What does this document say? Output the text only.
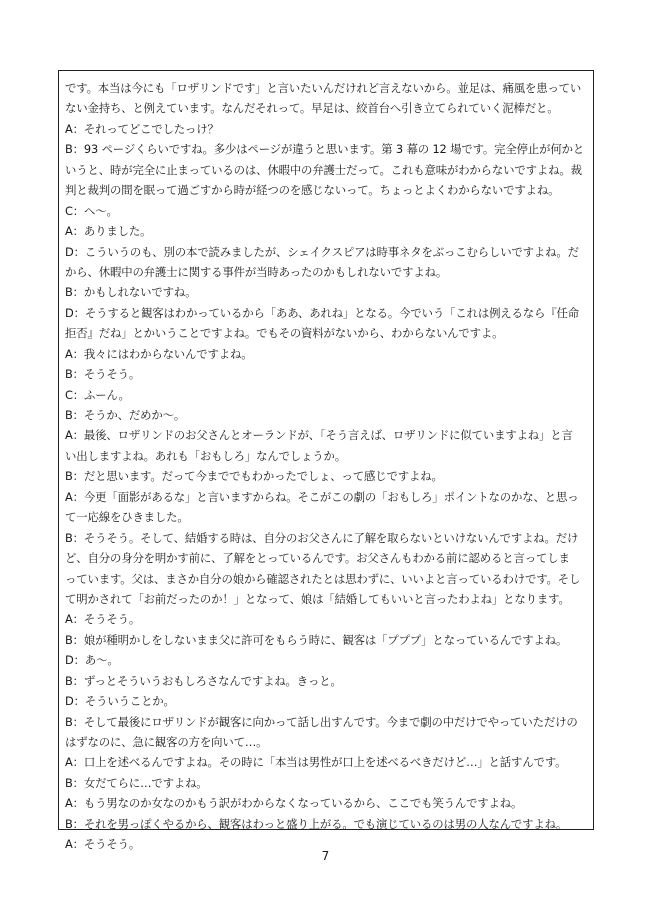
です。本当は今にも「ロザリンドです」と言いたいんだけれど言えないから。並足は、痛風を患ってい
ない金持ち、と例えています。なんだそれって。早足は、絞首台へ引き立てられていく泥棒だと。
A：それってどこでしたっけ？
B：93 ページくらいですね。多少はページが違うと思います。第 3 幕の 12 場です。完全停止が何かと
いうと、時が完全に止まっているのは、休暇中の弁護士だって。これも意味がわからないですよね。裁
判と裁判の間を眠って過ごすから時が経つのを感じないって。ちょっとよくわからないですよね。
C：へ〜。
A：ありました。
D：こういうのも、別の本で読みましたが、シェイクスピアは時事ネタをぶっこむらしいですよね。だ
から、休暇中の弁護士に関する事件が当時あったのかもしれないですよね。
B：かもしれないですね。
D：そうすると観客はわかっているから「ああ、あれね」となる。今でいう「これは例えるなら『任命
拒否』だね」とかいうことですよね。でもその資料がないから、わからないんですよ。
A：我々にはわからないんですよね。
B：そうそう。
C：ふーん。
B：そうか、だめか〜。
A：最後、ロザリンドのお父さんとオーランドが、「そう言えば、ロザリンドに似ていますよね」と言
い出しますよね。あれも「おもしろ」なんでしょうか。
B：だと思います。だって今まででもわかったでしょ、って感じですよね。
A：今更「面影があるな」と言いますからね。そこがこの劇の「おもしろ」ポイントなのかな、と思っ
て一応線をひきました。
B：そうそう。そして、結婚する時は、自分のお父さんに了解を取らないといけないんですよね。だけ
ど、自分の身分を明かす前に、了解をとっているんです。お父さんもわかる前に認めると言ってしま
っています。父は、まさか自分の娘から確認されたとは思わずに、いいよと言っているわけです。そし
て明かされて「お前だったのか！」となって、娘は「結婚してもいいと言ったわよね」となります。
A：そうそう。
B：娘が種明かしをしないまま父に許可をもらう時に、観客は「プププ」となっているんですよね。
D：あ〜。
B：ずっとそういうおもしろさなんですよね。きっと。
D：そういうことか。
B：そして最後にロザリンドが観客に向かって話し出すんです。今まで劇の中だけでやっていただけの
はずなのに、急に観客の方を向いて…。
A：口上を述べるんですよね。その時に「本当は男性が口上を述べるべきだけど…」と話すんです。
B：女だてらに…ですよね。
A：もう男なのか女なのかもう訳がわからなくなっているから、ここでも笑うんですよね。
B：それを男っぽくやるから、観客はわっと盛り上がる。でも演じているのは男の人なんですよね。
A：そうそう。
7
